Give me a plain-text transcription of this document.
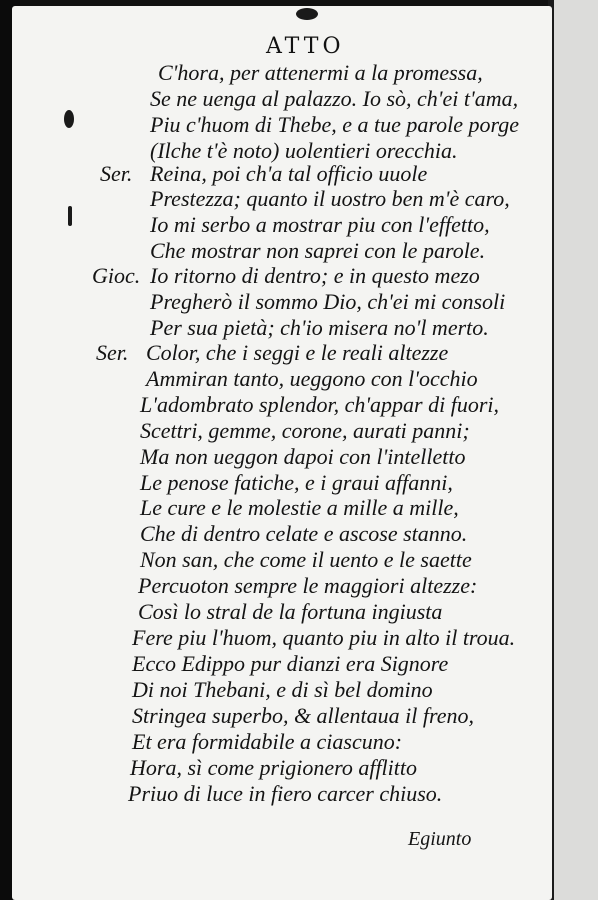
ATTO
Ser.
Gioc.
Ser.
C'hora, per attenermi a la promessa,
Se ne uenga al palazzo. Io sò, ch'ei t'ama,
Piu c'huom di Thebe, e a tue parole porge
(Ilche t'è noto) uolentieri orecchia.
Reina, poi ch'a tal officio uuole
Prestezza; quanto il uostro ben m'è caro,
Io mi serbo a mostrar piu con l'effetto,
Che mostrar non saprei con le parole.
Io ritorno di dentro; e in questo mezo
Pregherò il sommo Dio, ch'ei mi consoli
Per sua pietà; ch'io misera no'l merto.
Color, che i seggi e le reali altezze
Ammiran tanto, ueggono con l'occhio
L'adombrato splendor, ch'appar di fuori,
Scettri, gemme, corone, aurati panni;
Ma non ueggon dapoi con l'intelletto
Le penose fatiche, e i graui affanni,
Le cure e le molestie a mille a mille,
Che di dentro celate e ascose stanno.
Non san, che come il uento e le saette
Percuoton sempre le maggiori altezze:
Così lo stral de la fortuna ingiusta
Fere piu l'huom, quanto piu in alto il troua.
Ecco Edippo pur dianzi era Signore
Di noi Thebani, e di sì bel domino
Stringea superbo, & allentaua il freno,
Et era formidabile a ciascuno:
Hora, sì come prigionero afflitto
Priuo di luce in fiero carcer chiuso.
Egiunto
